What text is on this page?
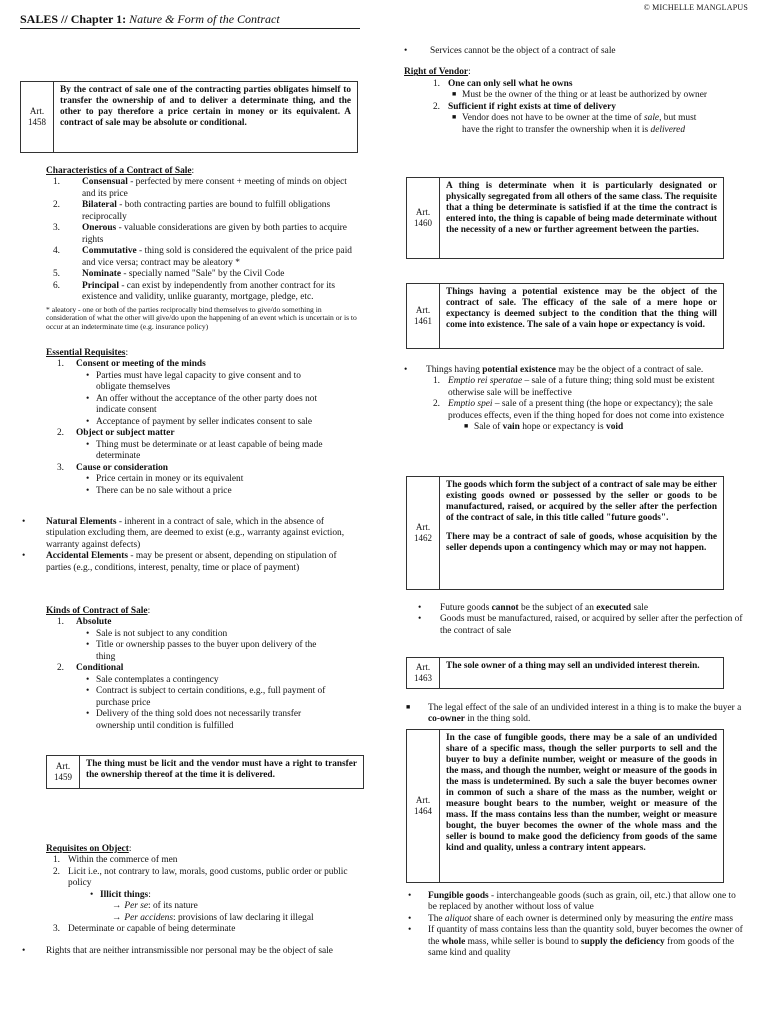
© MICHELLE MANGLAPUS
SALES // Chapter 1: Nature & Form of the Contract
Art. 1458
By the contract of sale one of the contracting parties obligates himself to transfer the ownership of and to deliver a determinate thing, and the other to pay therefore a price certain in money or its equivalent. A contract of sale may be absolute or conditional.
Characteristics of a Contract of Sale:
1.	Consensual - perfected by mere consent + meeting of minds on object and its price
2.	Bilateral - both contracting parties are bound to fulfill obligations reciprocally
3.	Onerous - valuable considerations are given by both parties to acquire rights
4.	Commutative - thing sold is considered the equivalent of the price paid and vice versa; contract may be aleatory *
5.	Nominate - specially named "Sale" by the Civil Code
6.	Principal - can exist by independently from another contract for its existence and validity, unlike guaranty, mortgage, pledge, etc.
* aleatory - one or both of the parties reciprocally bind themselves to give/do something in consideration of what the other will give/do upon the happening of an event which is uncertain or is to occur at an indeterminate time (e.g. insurance policy)
Essential Requisites:
1.	Consent or meeting of the minds
• Parties must have legal capacity to give consent and to obligate themselves
• An offer without the acceptance of the other party does not indicate consent
• Acceptance of payment by seller indicates consent to sale
2.	Object or subject matter
• Thing must be determinate or at least capable of being made determinate
3.	Cause or consideration
• Price certain in money or its equivalent
• There can be no sale without a price
•	Natural Elements - inherent in a contract of sale, which in the absence of stipulation excluding them, are deemed to exist (e.g., warranty against eviction, warranty against defects)
•	Accidental Elements - may be present or absent, depending on stipulation of parties (e.g., conditions, interest, penalty, time or place of payment)
Kinds of Contract of Sale:
1.	Absolute
• Sale is not subject to any condition
• Title or ownership passes to the buyer upon delivery of the thing
2.	Conditional
• Sale contemplates a contingency
• Contract is subject to certain conditions, e.g., full payment of purchase price
• Delivery of the thing sold does not necessarily transfer ownership until condition is fulfilled
Art. 1459
The thing must be licit and the vendor must have a right to transfer the ownership thereof at the time it is delivered.
Requisites on Object:
1. Within the commerce of men
2. Licit i.e., not contrary to law, morals, good customs, public order or public policy
• Illicit things:
→ Per se: of its nature
→ Per accidens: provisions of law declaring it illegal
3. Determinate or capable of being determinate
•	Rights that are neither intransmissible nor personal may be the object of sale
•	Services cannot be the object of a contract of sale
Right of Vendor:
1. One can only sell what he owns
■ Must be the owner of the thing or at least be authorized by owner
2. Sufficient if right exists at time of delivery
■ Vendor does not have to be owner at the time of sale, but must have the right to transfer the ownership when it is delivered
Art. 1460
A thing is determinate when it is particularly designated or physically segregated from all others of the same class. The requisite that a thing be determinate is satisfied if at the time the contract is entered into, the thing is capable of being made determinate without the necessity of a new or further agreement between the parties.
Art. 1461
Things having a potential existence may be the object of the contract of sale. The efficacy of the sale of a mere hope or expectancy is deemed subject to the condition that the thing will come into existence. The sale of a vain hope or expectancy is void.
•	Things having potential existence may be the object of a contract of sale.
1. Emptio rei speratae – sale of a future thing; thing sold must be existent otherwise sale will be ineffective
2. Emptio spei – sale of a present thing (the hope or expectancy); the sale produces effects, even if the thing hoped for does not come into existence
■ Sale of vain hope or expectancy is void
Art. 1462

The goods which form the subject of a contract of sale may be either existing goods owned or possessed by the seller or goods to be manufactured, raised, or acquired by the seller after the perfection of the contract of sale, in this title called "future goods".

There may be a contract of sale of goods, whose acquisition by the seller depends upon a contingency which may or may not happen.

•	Future goods cannot be the subject of an executed sale
•	Goods must be manufactured, raised, or acquired by seller after the perfection of the contract of sale
Art. 1463
The sole owner of a thing may sell an undivided interest therein.
■	The legal effect of the sale of an undivided interest in a thing is to make the buyer a co-owner in the thing sold.
Art. 1464
In the case of fungible goods, there may be a sale of an undivided share of a specific mass, though the seller purports to sell and the buyer to buy a definite number, weight or measure of the goods in the mass, and though the number, weight or measure of the goods in the mass is undetermined. By such a sale the buyer becomes owner in common of such a share of the mass as the number, weight or measure bought bears to the number, weight or measure of the mass. If the mass contains less than the number, weight or measure bought, the buyer becomes the owner of the whole mass and the seller is bound to make good the deficiency from goods of the same kind and quality, unless a contrary intent appears.
•	Fungible goods - interchangeable goods (such as grain, oil, etc.) that allow one to be replaced by another without loss of value
•	The aliquot share of each owner is determined only by measuring the entire mass
•	If quantity of mass contains less than the quantity sold, buyer becomes the owner of the whole mass, while seller is bound to supply the deficiency from goods of the same kind and quality
